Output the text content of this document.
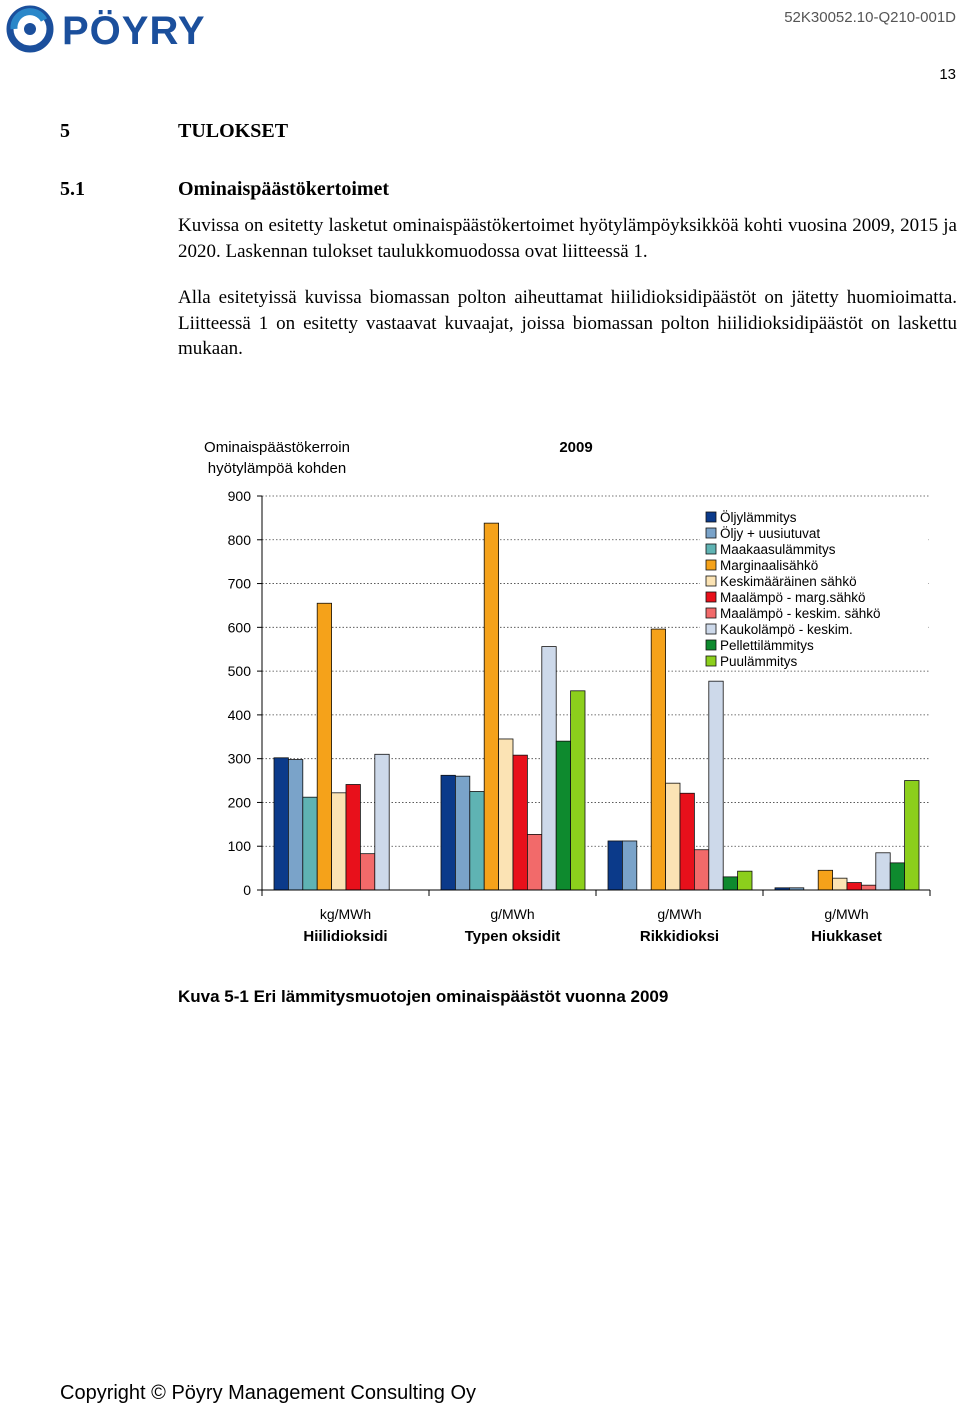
PÖYRY	52K30052.10-Q210-001D
13
5	TULOKSET
5.1	Ominaispäästökertoimet
Kuvissa on esitetty lasketut ominaispäästökertoimet hyötylämpöyksikköä kohti vuosina 2009, 2015 ja 2020. Laskennan tulokset taulukkomuodossa ovat liitteessä 1.
Alla esitetyissä kuvissa biomassan polton aiheuttamat hiilidioksidipäästöt on jätetty huomioimatta. Liitteessä 1 on esitetty vastaavat kuvaajat, joissa biomassan polton hiilidioksidipäästöt on laskettu mukaan.
0
100
200
300
400
500
600
700
800
900
kg/MWh
Hiilidioksidi
g/MWh
Typen oksidit
g/MWh
Rikkidioksi
g/MWh
Hiukkaset
Ominaispäästökerroin
hyötylämpöä kohden
2009
Öljylämmitys
Öljy + uusiutuvat
Maakaasulämmitys
Marginaalisähkö
Keskimääräinen sähkö
Maalämpö - marg.sähkö
Maalämpö - keskim. sähkö
Kaukolämpö - keskim.
Pellettilämmitys
Puulämmitys
Kuva 5-1 Eri lämmitysmuotojen ominaispäästöt vuonna 2009
Copyright © Pöyry Management Consulting Oy
